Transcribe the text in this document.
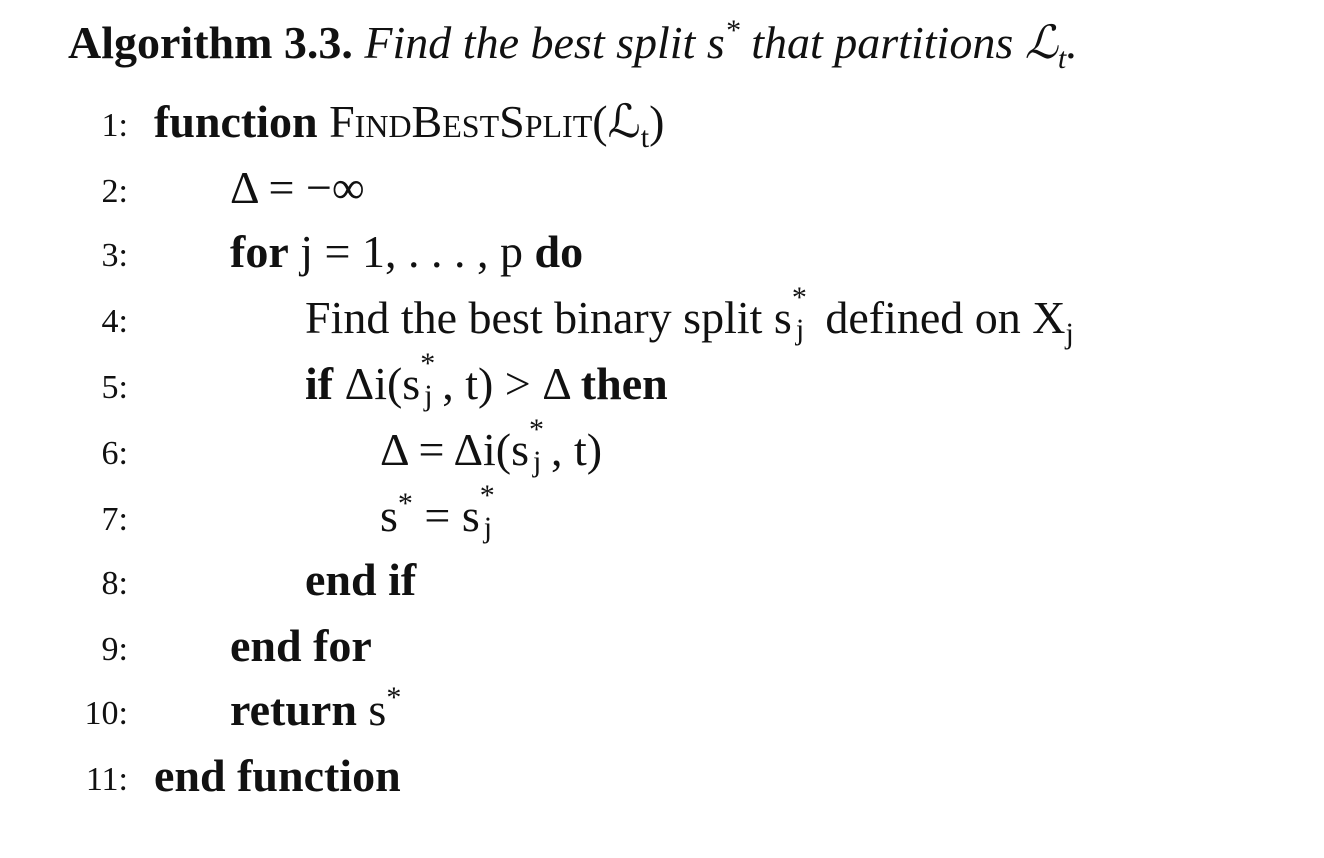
Algorithm 3.3. Find the best split s* that partitions ℒ$_t$.
1: function FindBestSplit(ℒ$_t$)
2: Δ = −∞
3: for j = 1, . . . , p do
4:	Find the best binary split s *
j defined on $X_j$
5:	if Δi(s *
j , t) > Δ then
6:	Δ = Δi(s *
j , t)
7:	s* = s *
j
8:	end if
9: end for
10: return s*
11: end function
